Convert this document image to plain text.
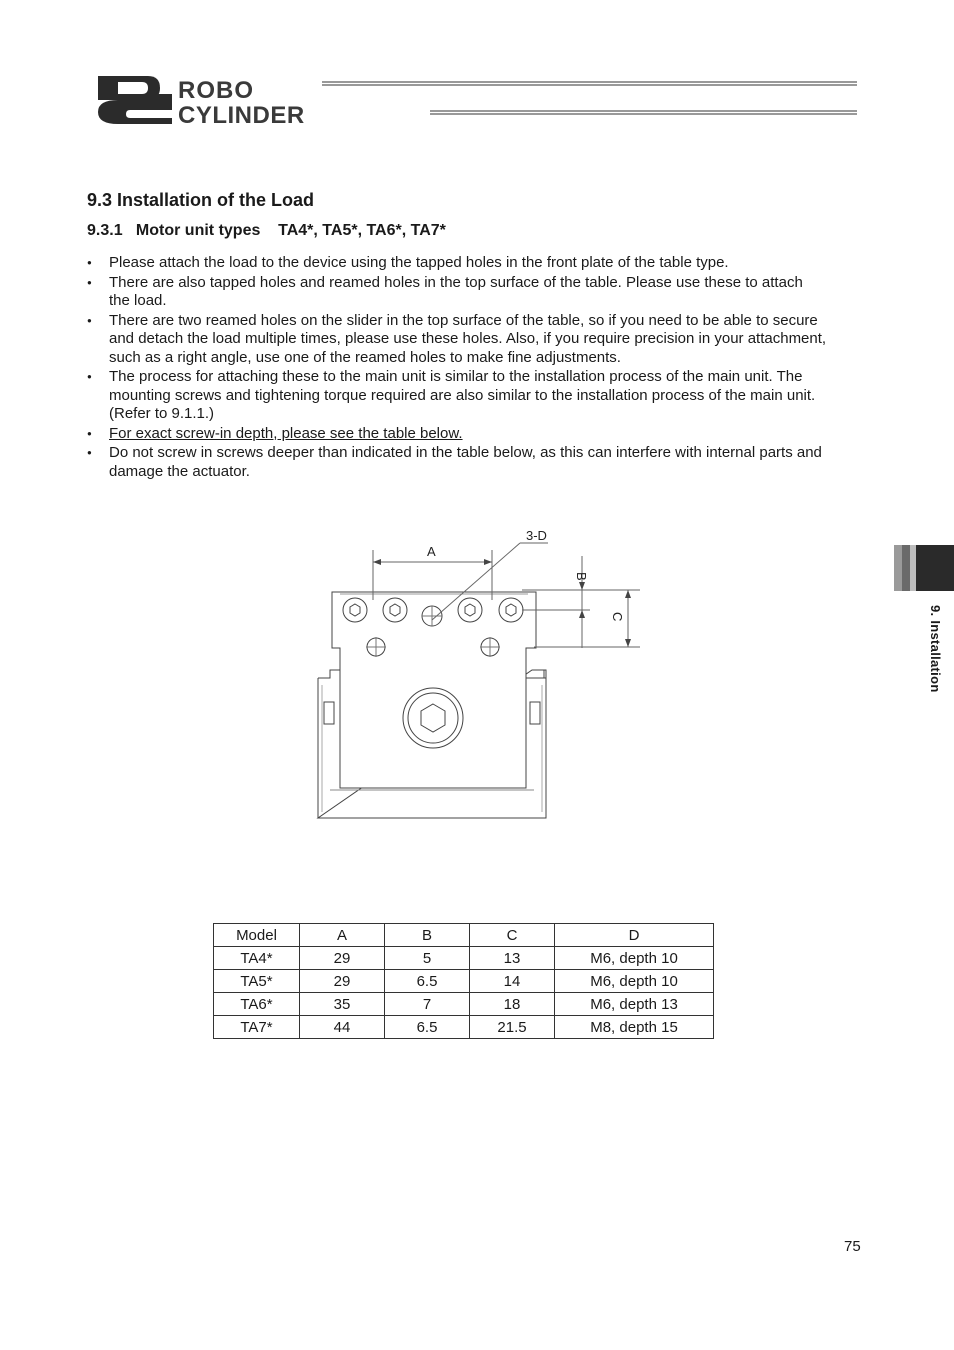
ROBO
CYLINDER
9.3 Installation of the Load
9.3.1   Motor unit types    TA4*, TA5*, TA6*, TA7*
● Please attach the load to the device using the tapped holes in the front plate of the table type.
● There are also tapped holes and reamed holes in the top surface of the table. Please use these to attach the load.
● There are two reamed holes on the slider in the top surface of the table, so if you need to be able to secure and detach the load multiple times, please use these holes. Also, if you require precision in your attachment, such as a right angle, use one of the reamed holes to make fine adjustments.
● The process for attaching these to the main unit is similar to the installation process of the main unit. The mounting screws and tightening torque required are also similar to the installation process of the main unit. (Refer to 9.1.1.)
● For exact screw-in depth, please see the table below.
● Do not screw in screws deeper than indicated in the table below, as this can interfere with internal parts and damage the actuator.
A
3-D
B
C
Model	A	B	C	D
TA4*	29	5	13	M6, depth 10
TA5*	29	6.5	14	M6, depth 10
TA6*	35	7	18	M6, depth 13
TA7*	44	6.5	21.5	M8, depth 15
9. Installation
75
